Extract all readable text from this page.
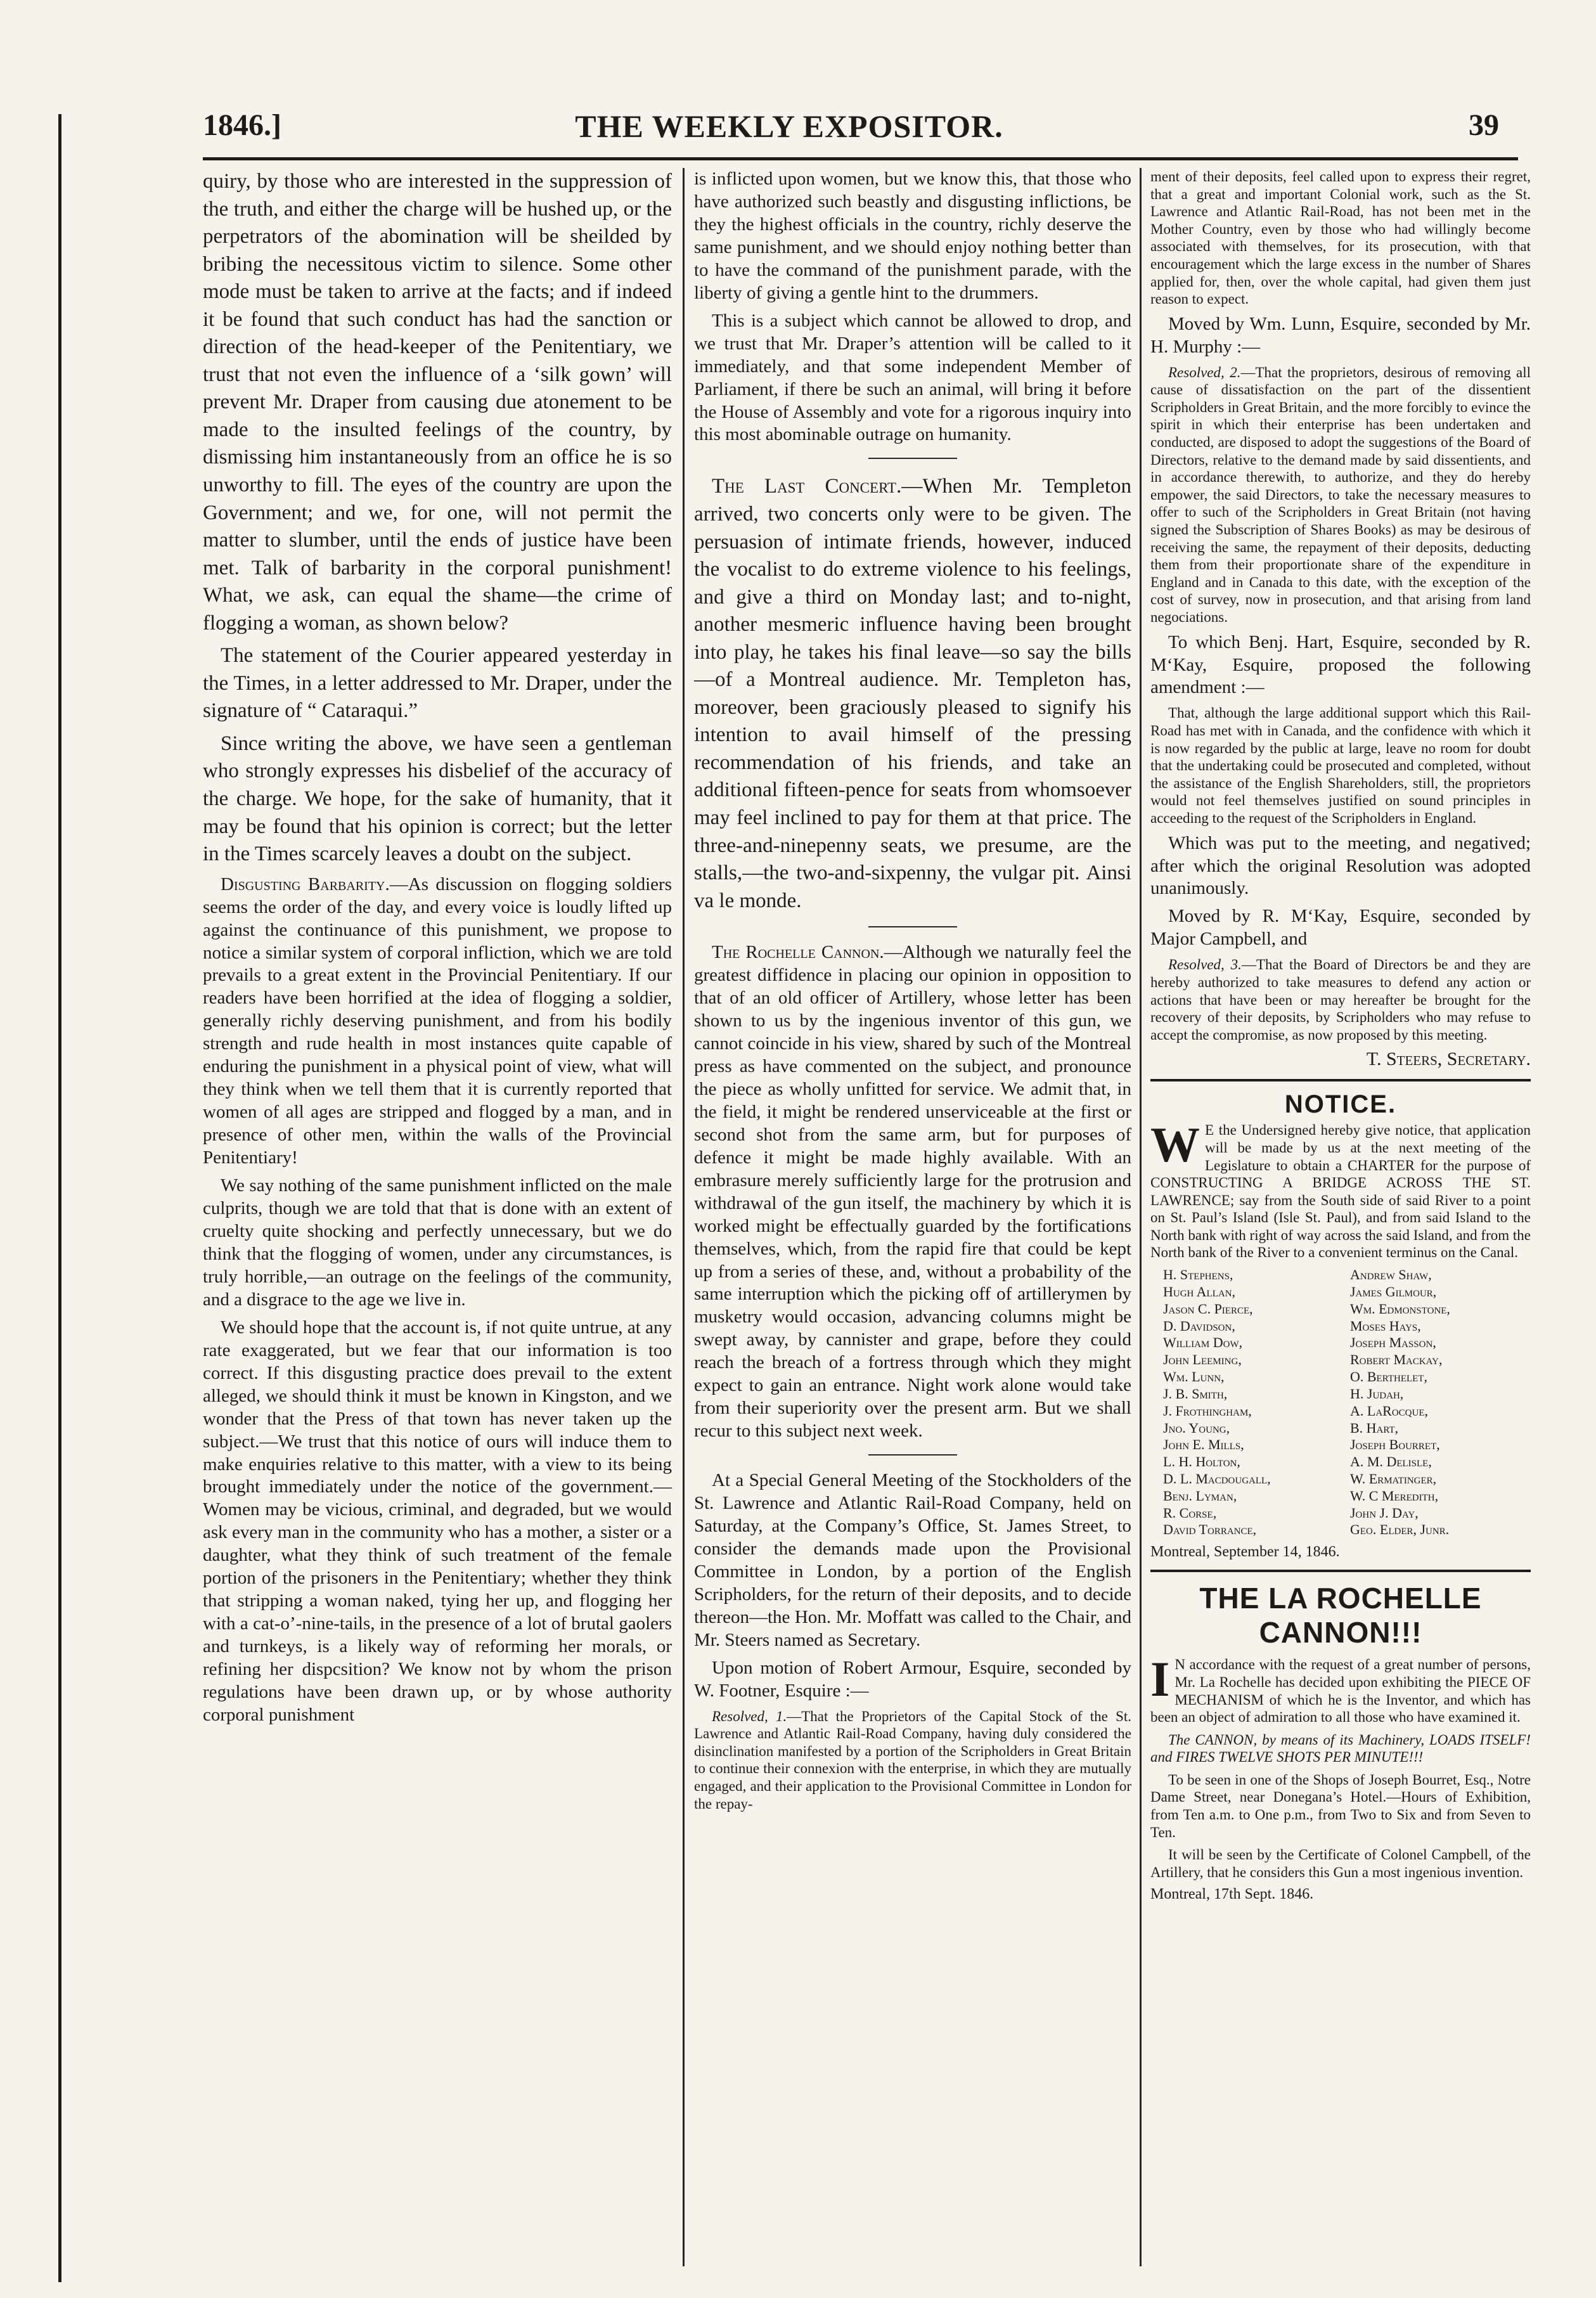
1846.]	THE WEEKLY EXPOSITOR.	39

quiry, by those who are interested in the suppression of the truth, and either the charge will be hushed up, or the perpetrators of the abomination will be sheilded by bribing the necessitous victim to silence. Some other mode must be taken to arrive at the facts; and if indeed it be found that such conduct has had the sanction or direction of the head-keeper of the Penitentiary, we trust that not even the influence of a ‘silk gown’ will prevent Mr. Draper from causing due atonement to be made to the insulted feelings of the country, by dismissing him instantaneously from an office he is so unworthy to fill. The eyes of the country are upon the Government; and we, for one, will not permit the matter to slumber, until the ends of justice have been met. Talk of barbarity in the corporal punishment! What, we ask, can equal the shame—the crime of flogging a woman, as shown below?

The statement of the Courier appeared yesterday in the Times, in a letter addressed to Mr. Draper, under the signature of “ Cataraqui.”

Since writing the above, we have seen a gentleman who strongly expresses his disbelief of the accuracy of the charge. We hope, for the sake of humanity, that it may be found that his opinion is correct; but the letter in the Times scarcely leaves a doubt on the subject.

Disgusting Barbarity.—As discussion on flogging soldiers seems the order of the day, and every voice is loudly lifted up against the continuance of this punishment, we propose to notice a similar system of corporal infliction, which we are told prevails to a great extent in the Provincial Penitentiary. If our readers have been horrified at the idea of flogging a soldier, generally richly deserving punishment, and from his bodily strength and rude health in most instances quite capable of enduring the punishment in a physical point of view, what will they think when we tell them that it is currently reported that women of all ages are stripped and flogged by a man, and in presence of other men, within the walls of the Provincial Penitentiary!

We say nothing of the same punishment inflicted on the male culprits, though we are told that that is done with an extent of cruelty quite shocking and perfectly unnecessary, but we do think that the flogging of women, under any circumstances, is truly horrible,—an outrage on the feelings of the community, and a disgrace to the age we live in.

We should hope that the account is, if not quite untrue, at any rate exaggerated, but we fear that our information is too correct. If this disgusting practice does prevail to the extent alleged, we should think it must be known in Kingston, and we wonder that the Press of that town has never taken up the subject.—We trust that this notice of ours will induce them to make enquiries relative to this matter, with a view to its being brought immediately under the notice of the government.—Women may be vicious, criminal, and degraded, but we would ask every man in the community who has a mother, a sister or a daughter, what they think of such treatment of the female portion of the prisoners in the Penitentiary; whether they think that stripping a woman naked, tying her up, and flogging her with a cat-o’-nine-tails, in the presence of a lot of brutal gaolers and turnkeys, is a likely way of reforming her morals, or refining her dispcsition? We know not by whom the prison regulations have been drawn up, or by whose authority corporal punishment

is inflicted upon women, but we know this, that those who have authorized such beastly and disgusting inflictions, be they the highest officials in the country, richly deserve the same punishment, and we should enjoy nothing better than to have the command of the punishment parade, with the liberty of giving a gentle hint to the drummers.

This is a subject which cannot be allowed to drop, and we trust that Mr. Draper’s attention will be called to it immediately, and that some independent Member of Parliament, if there be such an animal, will bring it before the House of Assembly and vote for a rigorous inquiry into this most abominable outrage on humanity.

The Last Concert.—When Mr. Templeton arrived, two concerts only were to be given. The persuasion of intimate friends, however, induced the vocalist to do extreme violence to his feelings, and give a third on Monday last; and to-night, another mesmeric influence having been brought into play, he takes his final leave—so say the bills—of a Montreal audience. Mr. Templeton has, moreover, been graciously pleased to signify his intention to avail himself of the pressing recommendation of his friends, and take an additional fifteen-pence for seats from whomsoever may feel inclined to pay for them at that price. The three-and-ninepenny seats, we presume, are the stalls,—the two-and-sixpenny, the vulgar pit. Ainsi va le monde.

The Rochelle Cannon.—Although we naturally feel the greatest diffidence in placing our opinion in opposition to that of an old officer of Artillery, whose letter has been shown to us by the ingenious inventor of this gun, we cannot coincide in his view, shared by such of the Montreal press as have commented on the subject, and pronounce the piece as wholly unfitted for service. We admit that, in the field, it might be rendered unserviceable at the first or second shot from the same arm, but for purposes of defence it might be made highly available. With an embrasure merely sufficiently large for the protrusion and withdrawal of the gun itself, the machinery by which it is worked might be effectually guarded by the fortifications themselves, which, from the rapid fire that could be kept up from a series of these, and, without a probability of the same interruption which the picking off of artillerymen by musketry would occasion, advancing columns might be swept away, by cannister and grape, before they could reach the breach of a fortress through which they might expect to gain an entrance. Night work alone would take from their superiority over the present arm. But we shall recur to this subject next week.

At a Special General Meeting of the Stockholders of the St. Lawrence and Atlantic Rail-Road Company, held on Saturday, at the Company’s Office, St. James Street, to consider the demands made upon the Provisional Committee in London, by a portion of the English Scripholders, for the return of their deposits, and to decide thereon—the Hon. Mr. Moffatt was called to the Chair, and Mr. Steers named as Secretary.

Upon motion of Robert Armour, Esquire, seconded by W. Footner, Esquire :—

Resolved, 1.—That the Proprietors of the Capital Stock of the St. Lawrence and Atlantic Rail-Road Company, having duly considered the disinclination manifested by a portion of the Scripholders in Great Britain to continue their connexion with the enterprise, in which they are mutually engaged, and their application to the Provisional Committee in London for the repay-

ment of their deposits, feel called upon to express their regret, that a great and important Colonial work, such as the St. Lawrence and Atlantic Rail-Road, has not been met in the Mother Country, even by those who had willingly become associated with themselves, for its prosecution, with that encouragement which the large excess in the number of Shares applied for, then, over the whole capital, had given them just reason to expect.

Moved by Wm. Lunn, Esquire, seconded by Mr. H. Murphy :—

Resolved, 2.—That the proprietors, desirous of removing all cause of dissatisfaction on the part of the dissentient Scripholders in Great Britain, and the more forcibly to evince the spirit in which their enterprise has been undertaken and conducted, are disposed to adopt the suggestions of the Board of Directors, relative to the demand made by said dissentients, and in accordance therewith, to authorize, and they do hereby empower, the said Directors, to take the necessary measures to offer to such of the Scripholders in Great Britain (not having signed the Subscription of Shares Books) as may be desirous of receiving the same, the repayment of their deposits, deducting them from their proportionate share of the expenditure in England and in Canada to this date, with the exception of the cost of survey, now in prosecution, and that arising from land negociations.

To which Benj. Hart, Esquire, seconded by R. M‘Kay, Esquire, proposed the following amendment :—

That, although the large additional support which this Rail-Road has met with in Canada, and the confidence with which it is now regarded by the public at large, leave no room for doubt that the undertaking could be prosecuted and completed, without the assistance of the English Shareholders, still, the proprietors would not feel themselves justified on sound principles in acceeding to the request of the Scripholders in England.

Which was put to the meeting, and negatived; after which the original Resolution was adopted unanimously.

Moved by R. M‘Kay, Esquire, seconded by Major Campbell, and

Resolved, 3.—That the Board of Directors be and they are hereby authorized to take measures to defend any action or actions that have been or may hereafter be brought for the recovery of their deposits, by Scripholders who may refuse to accept the compromise, as now proposed by this meeting.

T. Steers, Secretary.
NOTICE.

W E the Undersigned hereby give notice, that application will be made by us at the next meeting of the Legislature to obtain a CHARTER for the purpose of CONSTRUCTING A BRIDGE ACROSS THE ST. LAWRENCE; say from the South side of said River to a point on St. Paul’s Island (Isle St. Paul), and from said Island to the North bank with right of way across the said Island, and from the North bank of the River to a convenient terminus on the Canal.

H. Stephens,	Andrew Shaw,
Hugh Allan,	James Gilmour,
Jason C. Pierce,	Wm. Edmonstone,
D. Davidson,	Moses Hays,
William Dow,	Joseph Masson,
John Leeming,	Robert Mackay,
Wm. Lunn,	O. Berthelet,
J. B. Smith,	H. Judah,
J. Frothingham,	A. LaRocque,
Jno. Young,	B. Hart,
John E. Mills,	Joseph Bourret,
L. H. Holton,	A. M. Delisle,
D. L. Macdougall,	W. Ermatinger,
Benj. Lyman,	W. C Meredith,
R. Corse,	John J. Day,
David Torrance,	Geo. Elder, Junr.

Montreal, September 14, 1846.

THE LA ROCHELLE CANNON!!!

I N accordance with the request of a great number of persons, Mr. La Rochelle has decided upon exhibiting the PIECE OF MECHANISM of which he is the Inventor, and which has been an object of admiration to all those who have examined it.

The CANNON, by means of its Machinery, LOADS ITSELF! and FIRES TWELVE SHOTS PER MINUTE!!!

To be seen in one of the Shops of Joseph Bourret, Esq., Notre Dame Street, near Donegana’s Hotel.—Hours of Exhibition, from Ten a.m. to One p.m., from Two to Six and from Seven to Ten.

It will be seen by the Certificate of Colonel Campbell, of the Artillery, that he considers this Gun a most ingenious invention.

Montreal, 17th Sept. 1846.
